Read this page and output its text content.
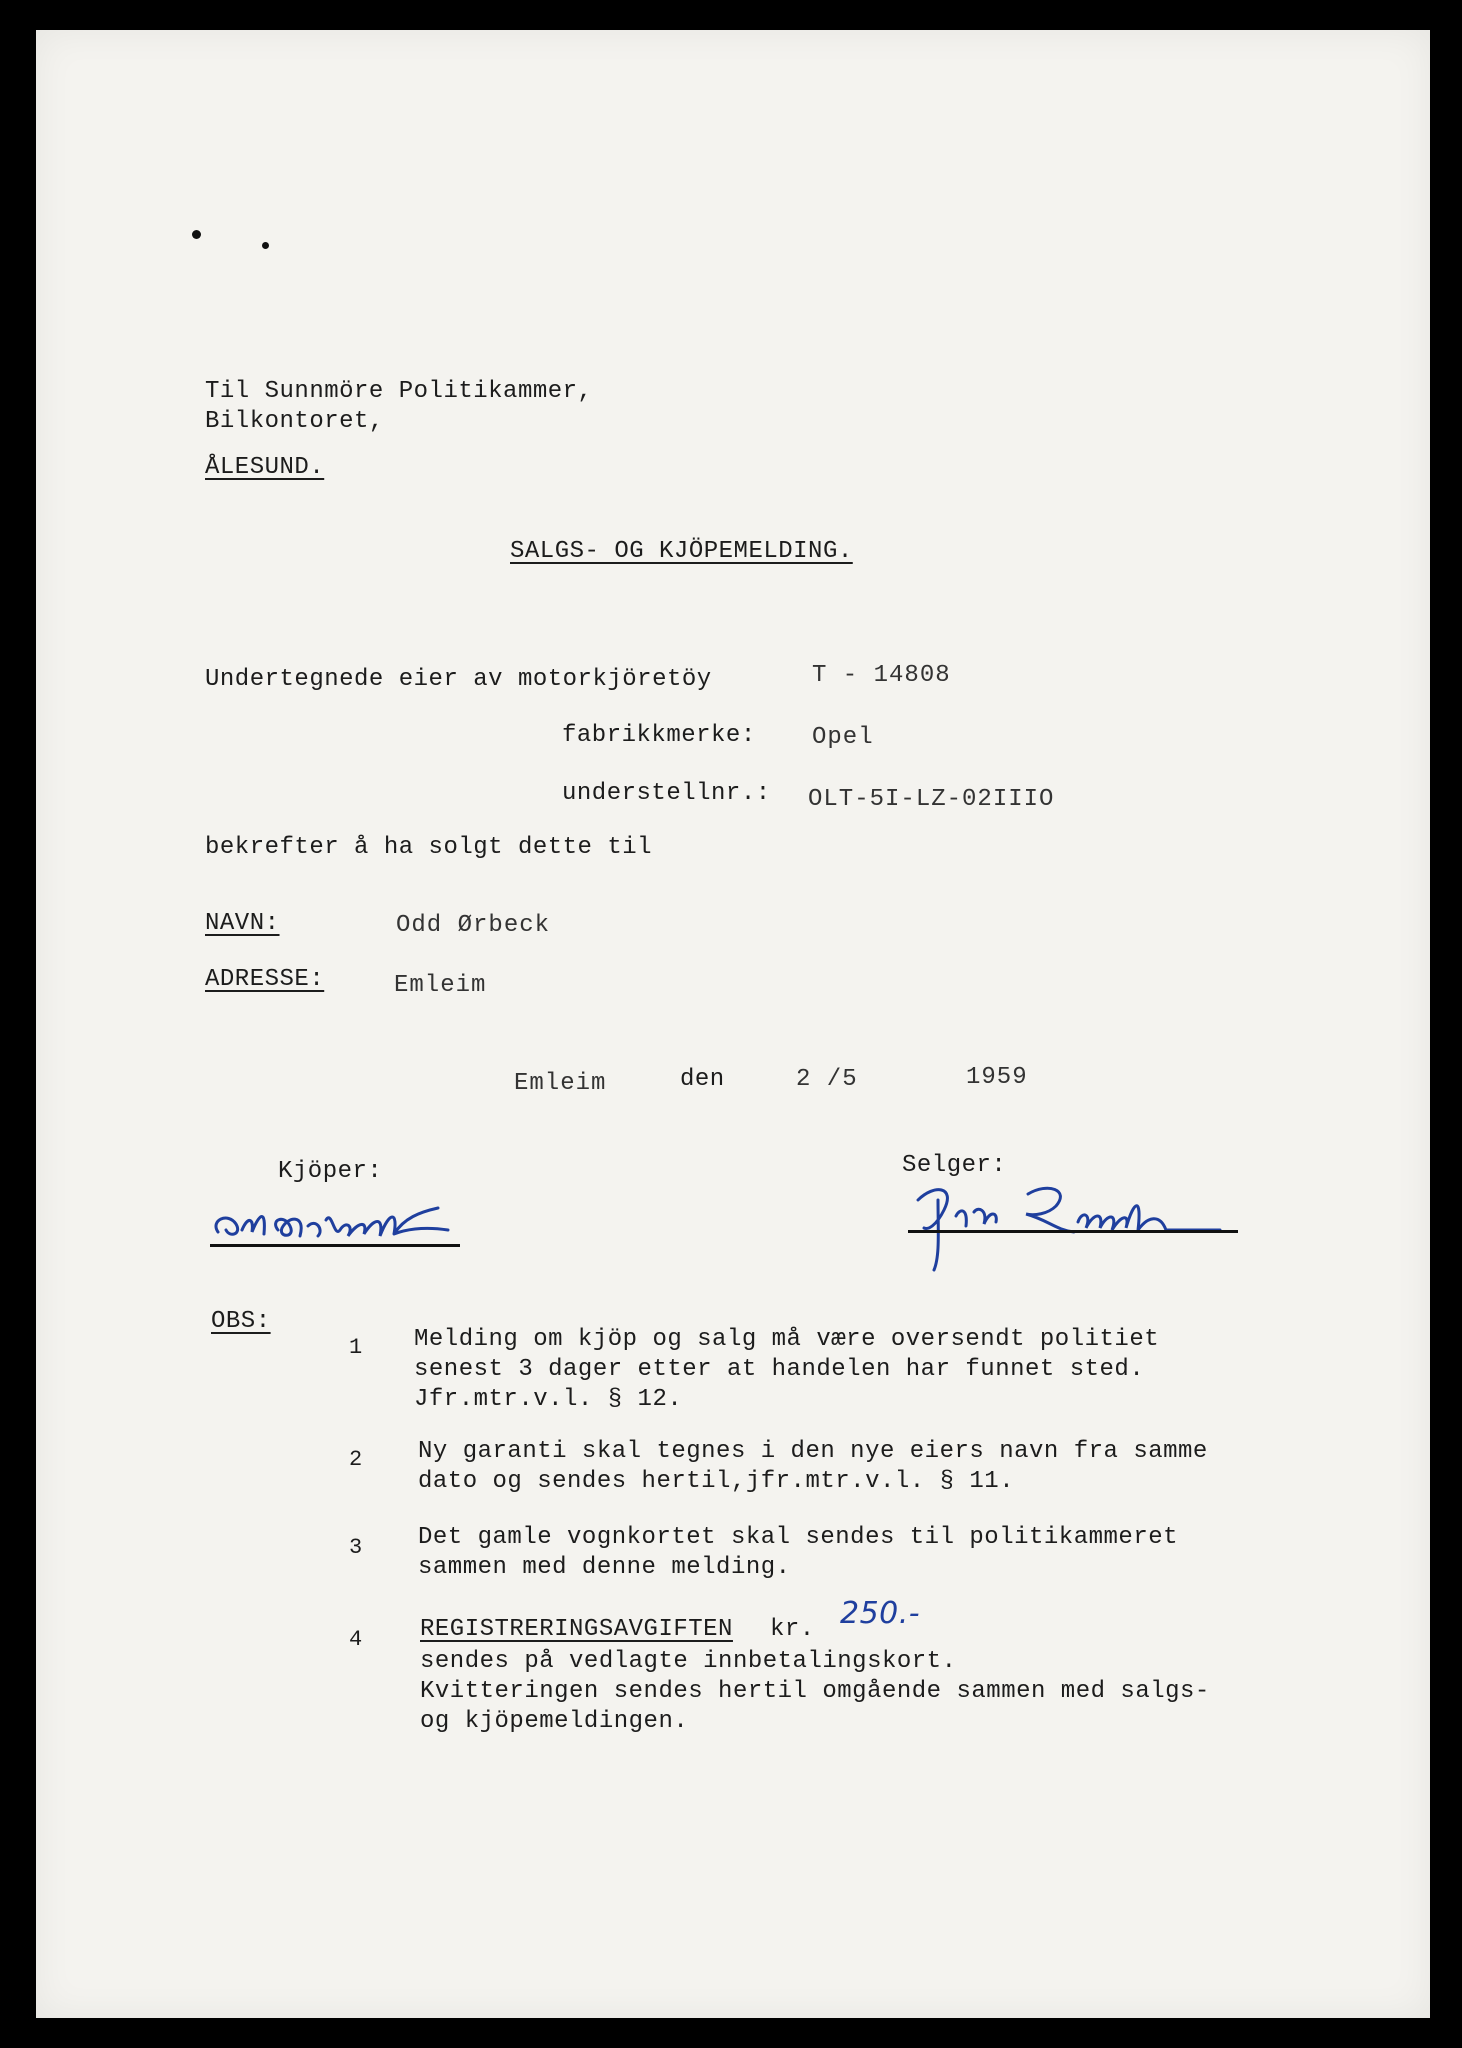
Til Sunnmöre Politikammer,
Bilkontoret,
ÅLESUND.
SALGS- OG KJÖPEMELDING.
Undertegnede eier av motorkjöretöy	T - 14808
fabrikkmerke: Opel
understellnr.: OLT-5I-LZ-02IIIO
bekrefter å ha solgt dette til
NAVN:	Odd Ørbeck
ADRESSE:	Emleim
Emleim	den	2 /5	1959
Kjöper:	Selger:
OBS:
1 Melding om kjöp og salg må være oversendt politiet
senest 3 dager etter at handelen har funnet sted.
Jfr.mtr.v.l. § 12.
2 Ny garanti skal tegnes i den nye eiers navn fra samme
dato og sendes hertil,jfr.mtr.v.l. § 11.
3 Det gamle vognkortet skal sendes til politikammeret
sammen med denne melding.
4 REGISTRERINGSAVGIFTEN kr. 250.-
sendes på vedlagte innbetalingskort.
Kvitteringen sendes hertil omgående sammen med salgs-
og kjöpemeldingen.
